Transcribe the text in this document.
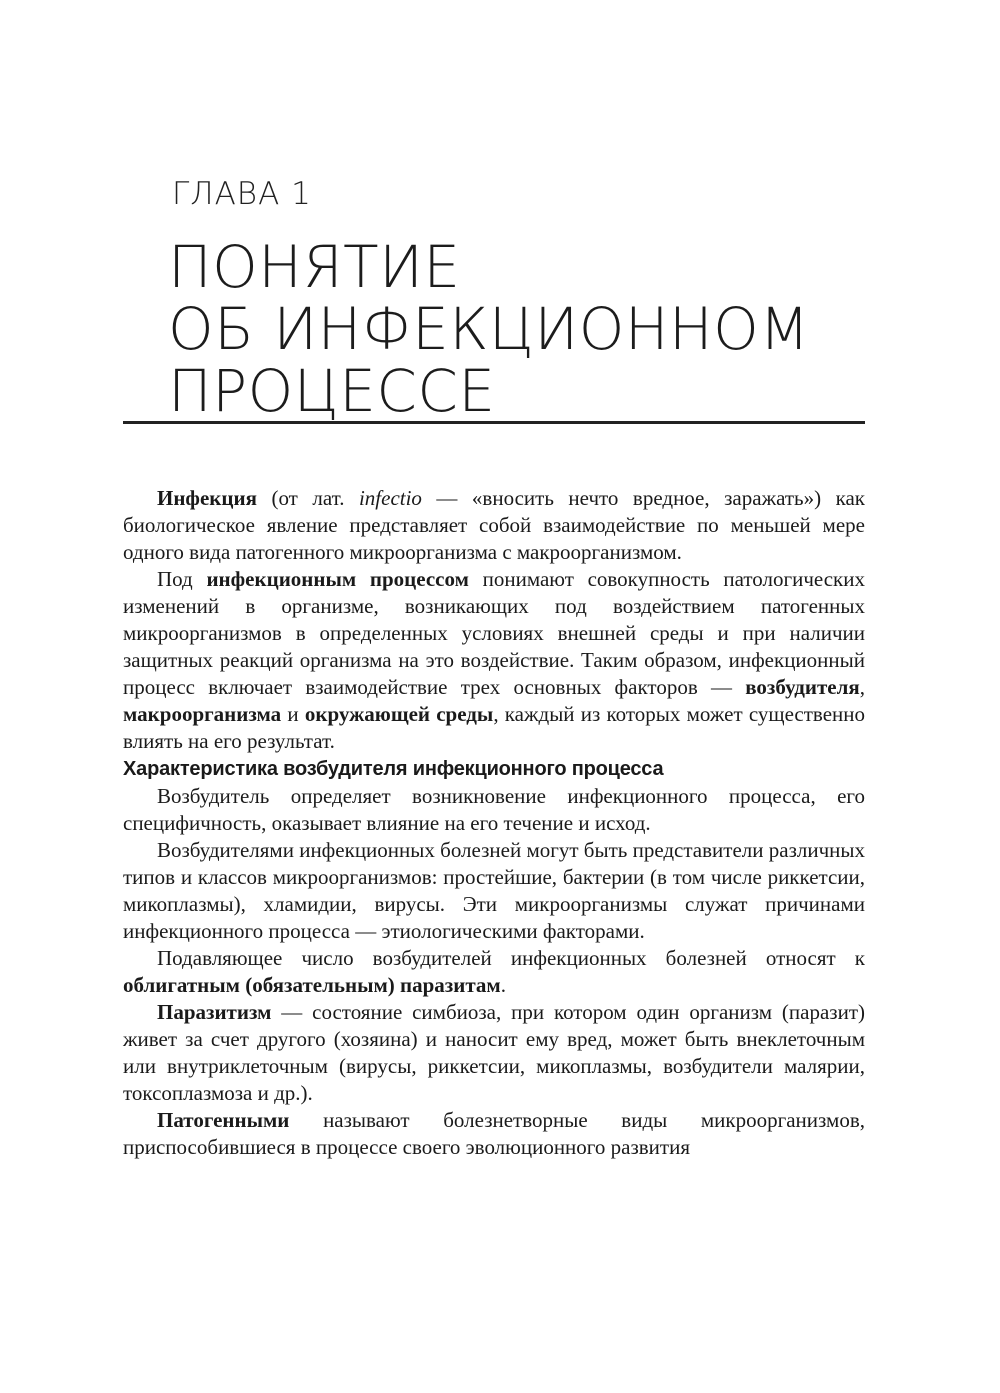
ГЛАВА 1
ПОНЯТИЕ
ОБ ИНФЕКЦИОННОМ
ПРОЦЕССЕ

Инфекция (от лат. infectio — «вносить нечто вредное, заражать») как биологическое явление представляет собой взаимодействие по меньшей мере одного вида патогенного микроорганизма с макроорганизмом.

Под инфекционным процессом понимают совокупность патологических изменений в организме, возникающих под воздействием патогенных микроорганизмов в определенных условиях внешней среды и при наличии защитных реакций организма на это воздействие. Таким образом, инфекционный процесс включает взаимодействие трех основных факторов — возбудителя, макроорганизма и окружающей среды, каждый из которых может существенно влиять на его результат.

Характеристика возбудителя инфекционного процесса

Возбудитель определяет возникновение инфекционного процесса, его специфичность, оказывает влияние на его течение и исход.

Возбудителями инфекционных болезней могут быть представители различных типов и классов микроорганизмов: простейшие, бактерии (в том числе риккетсии, микоплазмы), хламидии, вирусы. Эти микроорганизмы служат причинами инфекционного процесса — этиологическими факторами.

Подавляющее число возбудителей инфекционных болезней относят к облигатным (обязательным) паразитам.

Паразитизм — состояние симбиоза, при котором один организм (паразит) живет за счет другого (хозяина) и наносит ему вред, может быть внеклеточным или внутриклеточным (вирусы, риккетсии, микоплазмы, возбудители малярии, токсоплазмоза и др.).

Патогенными называют болезнетворные виды микроорганизмов, приспособившиеся в процессе своего эволюционного развития
